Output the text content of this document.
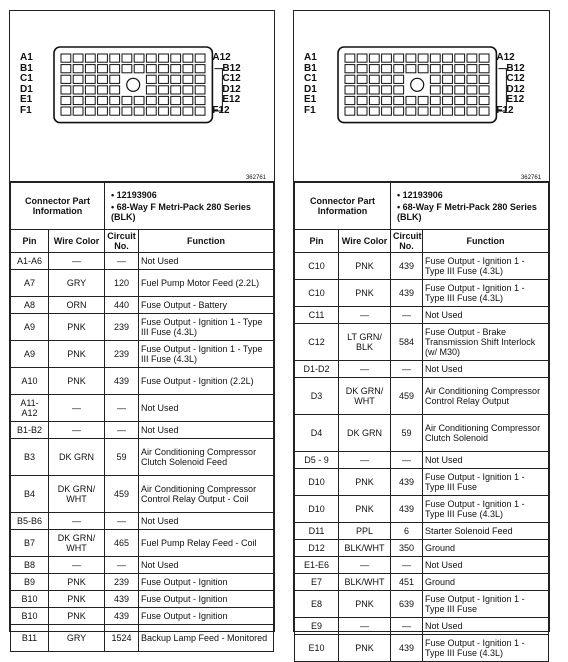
A1
B1
C1
D1
E1
F1
A12
B12
C12
D12
E12
F12
362761
Connector Part Information		• 12193906
• 68-Way F Metri-Pack 280 Series (BLK)	

Pin	Wire Color	Circuit No.	Function
A1-A6	—	—	Not Used
A7	GRY	120	Fuel Pump Motor Feed (2.2L)
A8	ORN	440	Fuse Output - Battery
A9	PNK	239	Fuse Output - Ignition 1 - Type III Fuse (4.3L)
A9	PNK	239	Fuse Output - Ignition 1 - Type III Fuse (4.3L)
A10	PNK	439	Fuse Output - Ignition (2.2L)
A11-A12	—	—	Not Used
B1-B2	—	—	Not Used
B3	DK GRN	59	Air Conditioning Compressor Clutch Solenoid Feed
B4	DK GRN/ WHT	459	Air Conditioning Compressor Control Relay Output - Coil
B5-B6	—	—	Not Used
B7	DK GRN/ WHT	465	Fuel Pump Relay Feed - Coil
B8	—	—	Not Used
B9	PNK	239	Fuse Output - Ignition
B10	PNK	439	Fuse Output - Ignition
B10	PNK	439	Fuse Output - Ignition
B11	GRY	1524	Backup Lamp Feed - Monitored
A1
B1
C1
D1
E1
F1
A12
B12
C12
D12
E12
F12
362761
Connector Part Information		• 12193906
• 68-Way F Metri-Pack 280 Series (BLK)	

Pin	Wire Color	Circuit No.	Function
C10	PNK	439	Fuse Output - Ignition 1 - Type III Fuse (4.3L)
C10	PNK	439	Fuse Output - Ignition 1 - Type III Fuse (4.3L)
C11	—	—	Not Used
C12	LT GRN/ BLK	584	Fuse Output - Brake Transmission Shift Interlock (w/ M30)
D1-D2	—	—	Not Used
D3	DK GRN/ WHT	459	Air Conditioning Compressor Control Relay Output
D4	DK GRN	59	Air Conditioning Compressor Clutch Solenoid
D5 - 9	—	—	Not Used
D10	PNK	439	Fuse Output - Ignition 1 - Type III Fuse
D10	PNK	439	Fuse Output - Ignition 1 - Type III Fuse (4.3L)
D11	PPL	6	Starter Solenoid Feed
D12	BLK/WHT	350	Ground
E1-E6	—	—	Not Used
E7	BLK/WHT	451	Ground
E8	PNK	639	Fuse Output - Ignition 1 - Type III Fuse
E9	—	—	Not Used
E10	PNK	439	Fuse Output - Ignition 1 - Type III Fuse (4.3L)
